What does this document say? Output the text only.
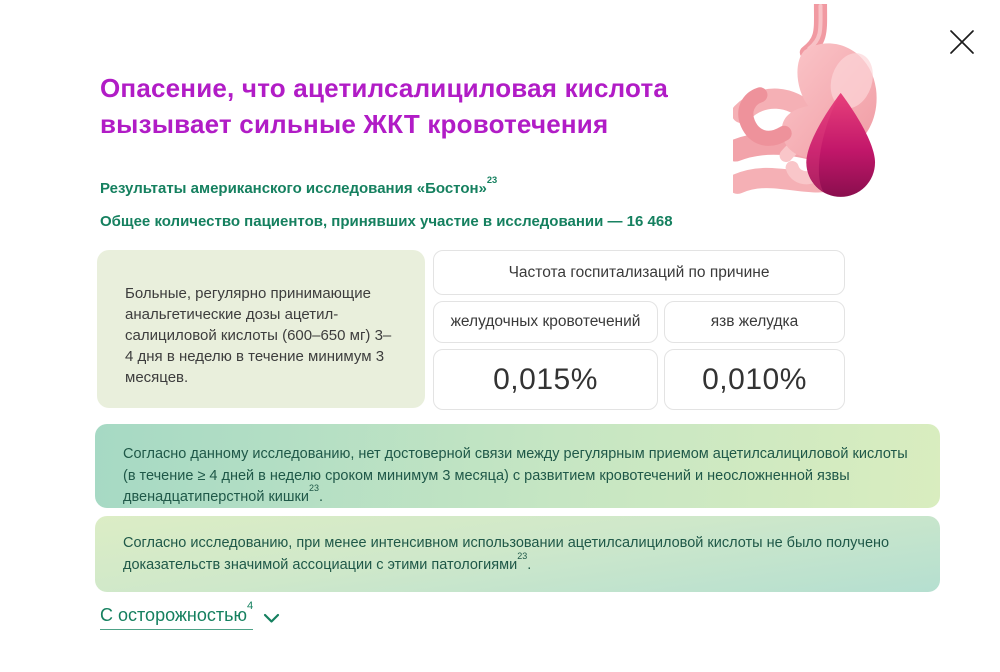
Опасение, что ацетилсалициловая кислота вызывает сильные ЖКТ кровотечения

Результаты американского исследования «Бостон»$^{23}$

Общее количество пациентов, принявших участие в исследовании — 16 468

Больные, регулярно принимающие анальгетические дозы ацетил-салициловой кислоты (600–650 мг) 3–4 дня в неделю в течение минимум 3 месяцев.

Частота госпитализаций по причине
желудочных кровотечений	язв желудка
0,015%	0,010%

Согласно данному исследованию, нет достоверной связи между регулярным приемом ацетилсалициловой кислоты (в течение ≥ 4 дней в неделю сроком минимум 3 месяца) с развитием кровотечений и неосложненной язвы двенадцатиперстной кишки$^{23}$.

Согласно исследованию, при менее интенсивном использовании ацетилсалициловой кислоты не было получено доказательств значимой ассоциации с этими патологиями$^{23}$.

С осторожностью$^4$
